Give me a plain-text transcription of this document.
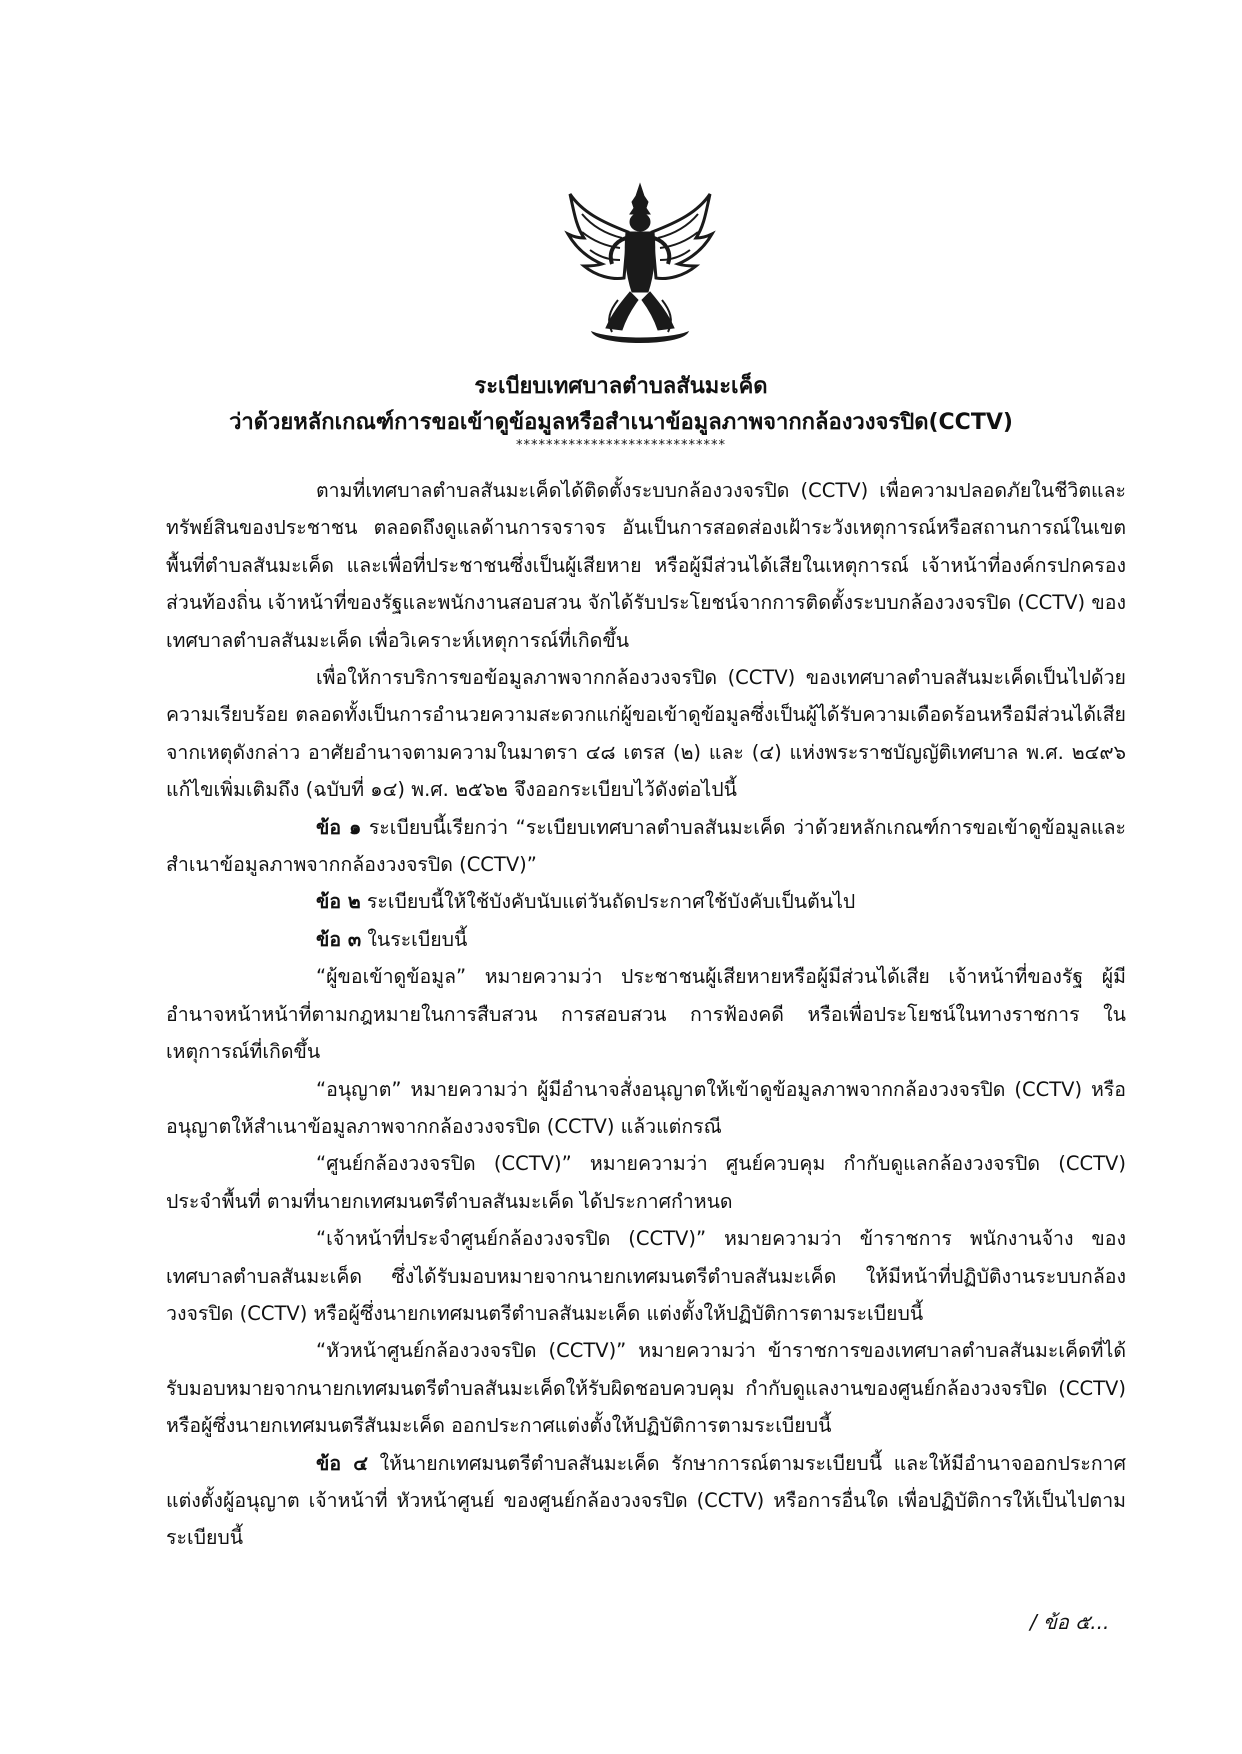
ระเบียบเทศบาลตำบลสันมะเค็ด
ว่าด้วยหลักเกณฑ์การขอเข้าดูข้อมูลหรือสำเนาข้อมูลภาพจากกล้องวงจรปิด(CCTV)
****************************

ตามที่เทศบาลตำบลสันมะเค็ดได้ติดตั้งระบบกล้องวงจรปิด (CCTV) เพื่อความปลอดภัยในชีวิตและทรัพย์สินของประชาชน ตลอดถึงดูแลด้านการจราจร อันเป็นการสอดส่องเฝ้าระวังเหตุการณ์หรือสถานการณ์ในเขตพื้นที่ตำบลสันมะเค็ด และเพื่อที่ประชาชนซึ่งเป็นผู้เสียหาย หรือผู้มีส่วนได้เสียในเหตุการณ์ เจ้าหน้าที่องค์กรปกครองส่วนท้องถิ่น เจ้าหน้าที่ของรัฐและพนักงานสอบสวน จักได้รับประโยชน์จากการติดตั้งระบบกล้องวงจรปิด (CCTV) ของเทศบาลตำบลสันมะเค็ด เพื่อวิเคราะห์เหตุการณ์ที่เกิดขึ้น

เพื่อให้การบริการขอข้อมูลภาพจากกล้องวงจรปิด (CCTV) ของเทศบาลตำบลสันมะเค็ดเป็นไปด้วยความเรียบร้อย ตลอดทั้งเป็นการอำนวยความสะดวกแก่ผู้ขอเข้าดูข้อมูลซึ่งเป็นผู้ได้รับความเดือดร้อนหรือมีส่วนได้เสียจากเหตุดังกล่าว อาศัยอำนาจตามความในมาตรา ๔๘ เตรส (๒) และ (๔) แห่งพระราชบัญญัติเทศบาล พ.ศ. ๒๔๙๖ แก้ไขเพิ่มเติมถึง (ฉบับที่ ๑๔) พ.ศ. ๒๕๖๒ จึงออกระเบียบไว้ดังต่อไปนี้

ข้อ ๑ ระเบียบนี้เรียกว่า “ระเบียบเทศบาลตำบลสันมะเค็ด ว่าด้วยหลักเกณฑ์การขอเข้าดูข้อมูลและสำเนาข้อมูลภาพจากกล้องวงจรปิด (CCTV)”

ข้อ ๒ ระเบียบนี้ให้ใช้บังคับนับแต่วันถัดประกาศใช้บังคับเป็นต้นไป

ข้อ ๓ ในระเบียบนี้

“ผู้ขอเข้าดูข้อมูล” หมายความว่า ประชาชนผู้เสียหายหรือผู้มีส่วนได้เสีย เจ้าหน้าที่ของรัฐ ผู้มีอำนาจหน้าหน้าที่ตามกฎหมายในการสืบสวน การสอบสวน การฟ้องคดี หรือเพื่อประโยชน์ในทางราชการ ในเหตุการณ์ที่เกิดขึ้น

“อนุญาต” หมายความว่า ผู้มีอำนาจสั่งอนุญาตให้เข้าดูข้อมูลภาพจากกล้องวงจรปิด (CCTV) หรืออนุญาตให้สำเนาข้อมูลภาพจากกล้องวงจรปิด (CCTV) แล้วแต่กรณี

“ศูนย์กล้องวงจรปิด (CCTV)” หมายความว่า ศูนย์ควบคุม กำกับดูแลกล้องวงจรปิด (CCTV) ประจำพื้นที่ ตามที่นายกเทศมนตรีตำบลสันมะเค็ด ได้ประกาศกำหนด

“เจ้าหน้าที่ประจำศูนย์กล้องวงจรปิด (CCTV)” หมายความว่า ข้าราชการ พนักงานจ้าง ของเทศบาลตำบลสันมะเค็ด ซึ่งได้รับมอบหมายจากนายกเทศมนตรีตำบลสันมะเค็ด ให้มีหน้าที่ปฏิบัติงานระบบกล้องวงจรปิด (CCTV) หรือผู้ซึ่งนายกเทศมนตรีตำบลสันมะเค็ด แต่งตั้งให้ปฏิบัติการตามระเบียบนี้

“หัวหน้าศูนย์กล้องวงจรปิด (CCTV)” หมายความว่า ข้าราชการของเทศบาลตำบลสันมะเค็ดที่ได้รับมอบหมายจากนายกเทศมนตรีตำบลสันมะเค็ดให้รับผิดชอบควบคุม กำกับดูแลงานของศูนย์กล้องวงจรปิด (CCTV) หรือผู้ซึ่งนายกเทศมนตรีสันมะเค็ด ออกประกาศแต่งตั้งให้ปฏิบัติการตามระเบียบนี้

ข้อ ๔ ให้นายกเทศมนตรีตำบลสันมะเค็ด รักษาการณ์ตามระเบียบนี้ และให้มีอำนาจออกประกาศแต่งตั้งผู้อนุญาต เจ้าหน้าที่ หัวหน้าศูนย์ ของศูนย์กล้องวงจรปิด (CCTV) หรือการอื่นใด เพื่อปฏิบัติการให้เป็นไปตามระเบียบนี้

/ ข้อ ๕...
